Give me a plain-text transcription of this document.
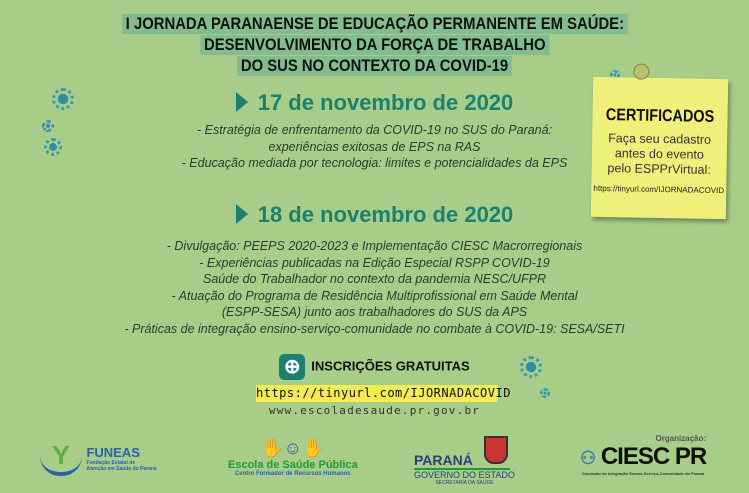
I JORNADA PARANAENSE DE EDUCAÇÃO PERMANENTE EM SAÚDE:
DESENVOLVIMENTO DA FORÇA DE TRABALHO
DO SUS NO CONTEXTO DA COVID-19
17 de novembro de 2020
- Estratégia de enfrentamento da COVID-19 no SUS do Paraná:
experiências exitosas de EPS na RAS
- Educação mediada por tecnologia: limites e potencialidades da EPS
18 de novembro de 2020
- Divulgação: PEEPS 2020-2023 e Implementação CIESC Macrorregionais
- Experiências publicadas na Edição Especial RSPP COVID-19
Saúde do Trabalhador no contexto da pandemia NESC/UFPR
- Atuação do Programa de Residência Multiprofissional em Saúde Mental
(ESPP-SESA) junto aos trabalhadores do SUS da APS
- Práticas de integração ensino-serviço-comunidade no combate à COVID-19: SESA/SETI
CERTIFICADOS

Faça seu cadastro
antes do evento
pelo ESPPrVirtual:

https://tinyurl.com/IJORNADACOVID

⊕ INSCRIÇÕES GRATUITAS
https://tinyurl.com/IJORNADACOVID
www.escoladesaude.pr.gov.br
Y FUNEAS
Fundação Estatal de
Atenção em Saúde do Paraná
✋☺✋
Escola de Saúde Pública
Centro Formador de Recursos Humanos
PARANÁ
GOVERNO DO ESTADO
SECRETARIA DA SAÚDE
Organização:
⚇ CIESC PR
Comissão de Integração Ensino-Serviço-Comunidade do Paraná
